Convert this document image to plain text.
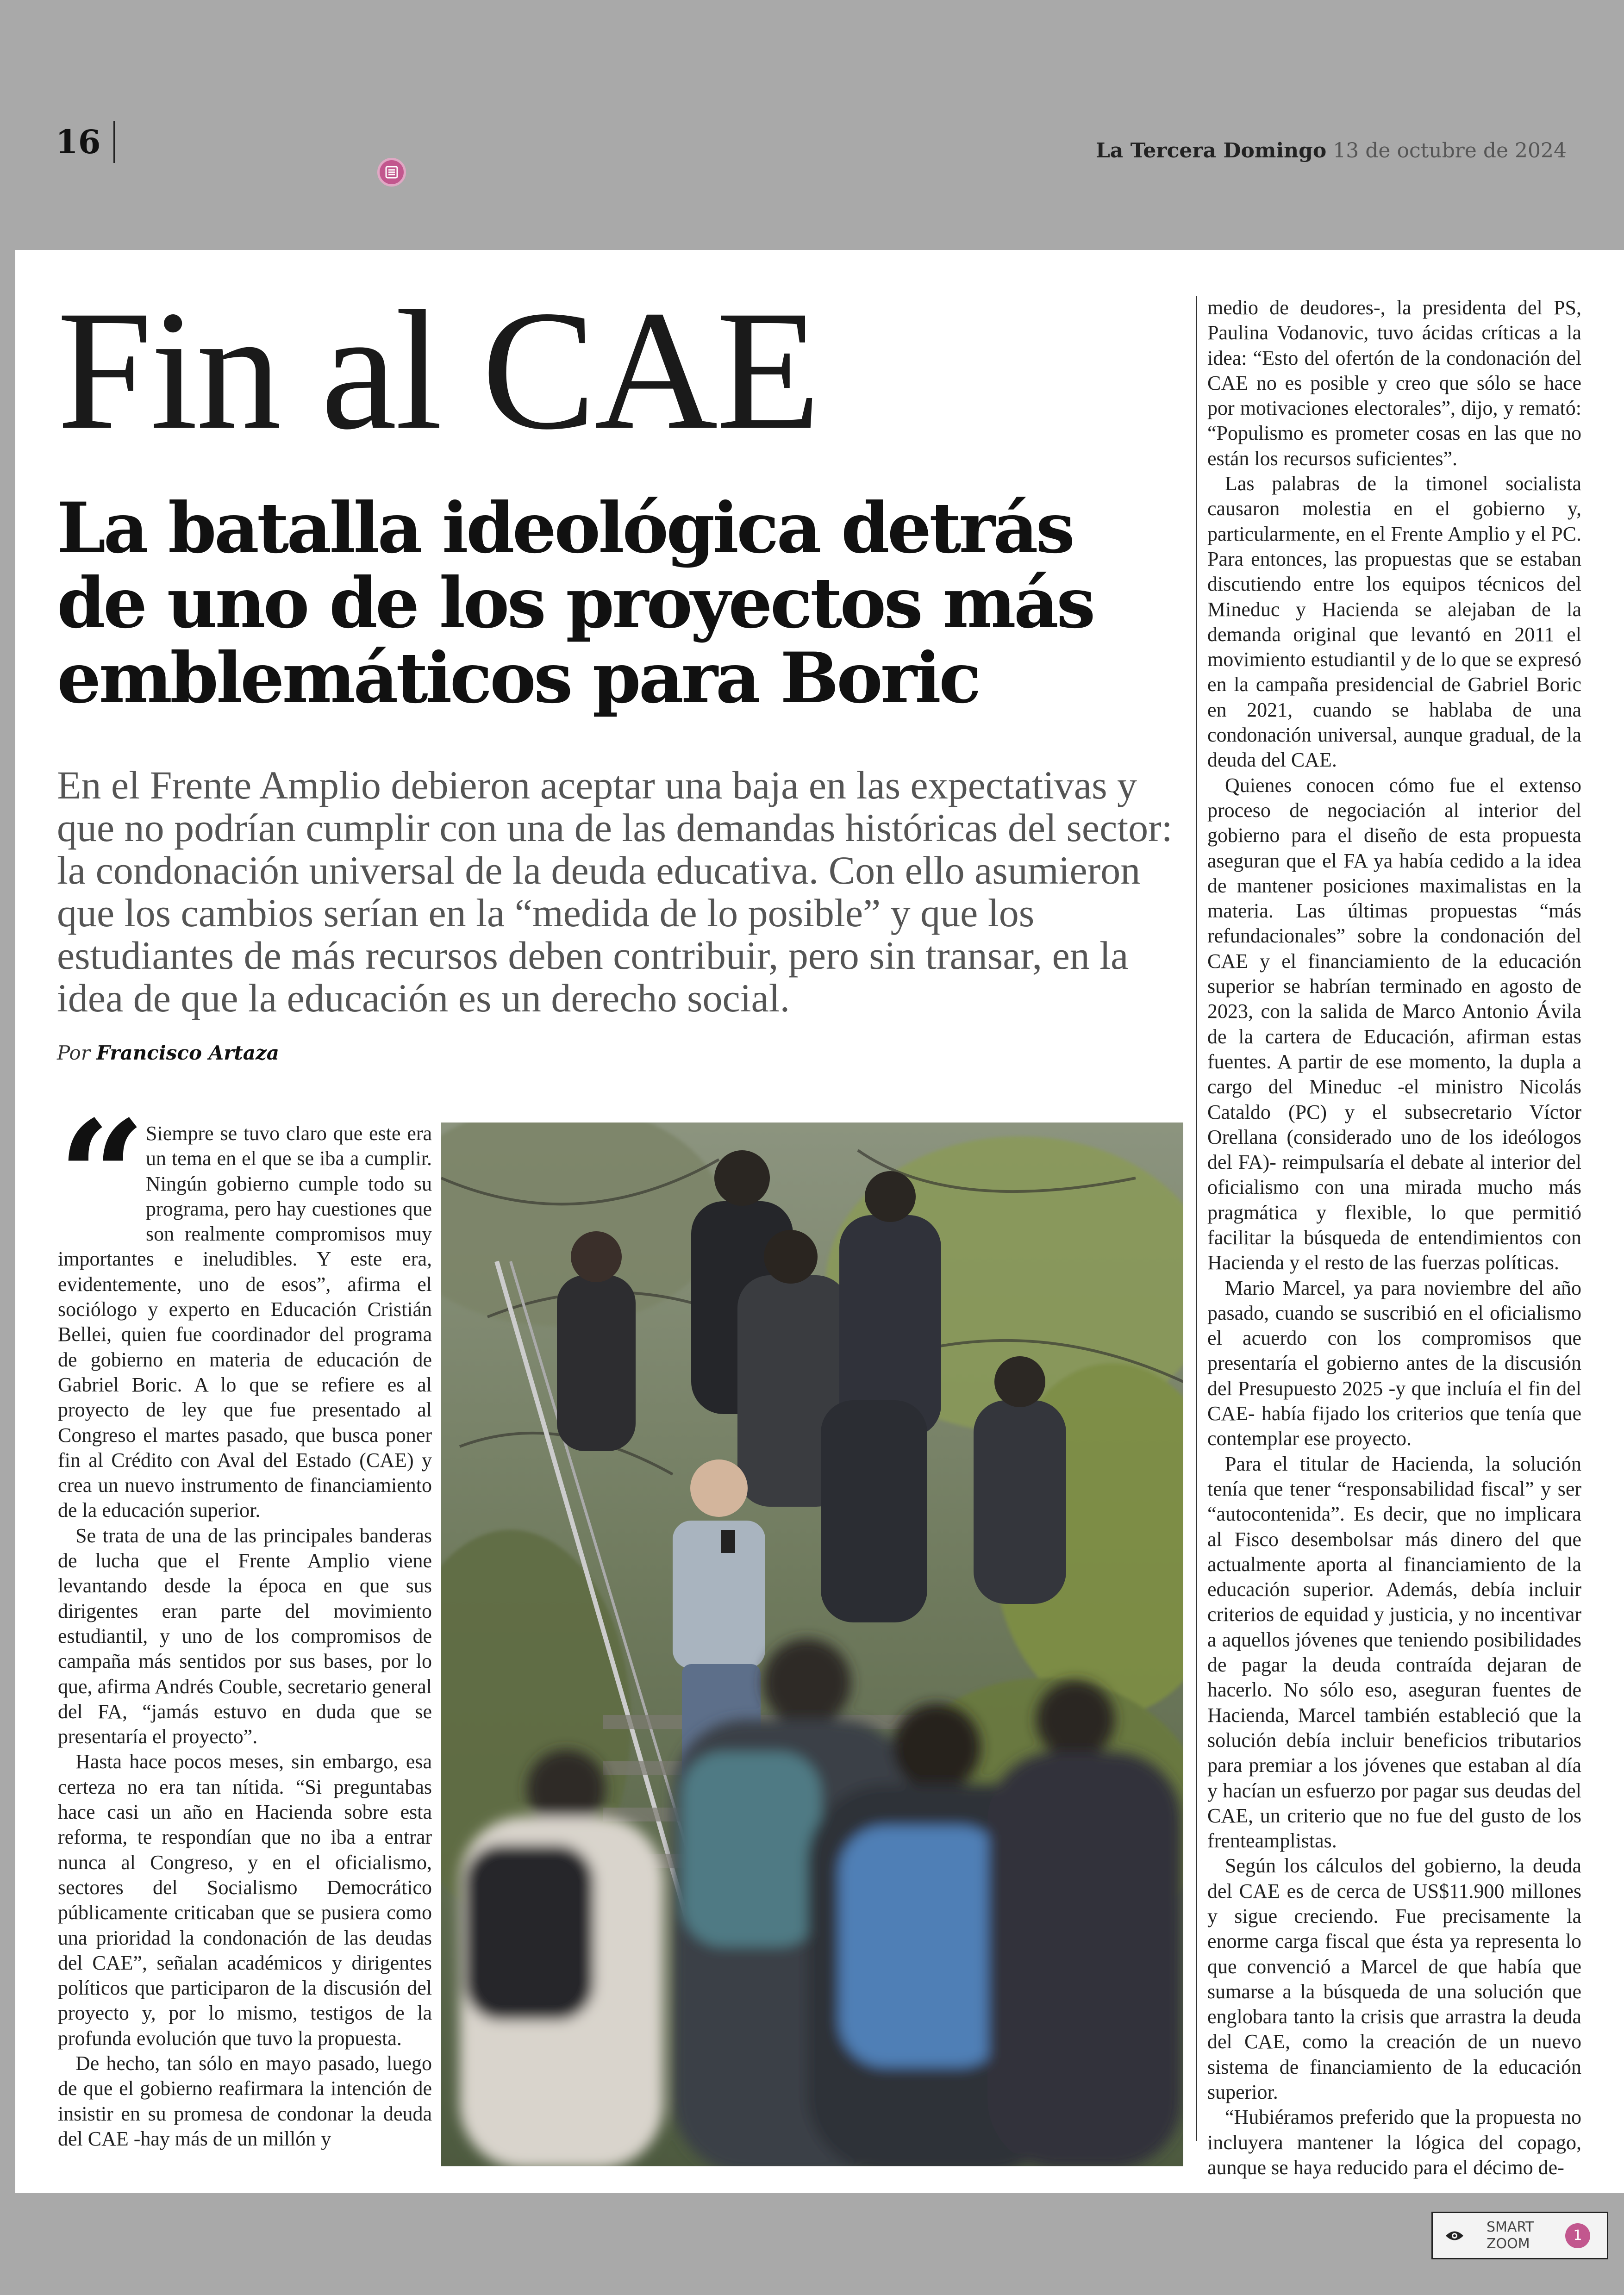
16	La Tercera Domingo 13 de octubre de 2024
Fin al CAE
La batalla ideológica detrás de uno de los proyectos más emblemáticos para Boric

En el Frente Amplio debieron aceptar una baja en las expectativas y que no podrían cumplir con una de las demandas históricas del sector: la condonación universal de la deuda educativa. Con ello asumieron que los cambios serían en la “medida de lo posible” y que los estudiantes de más recursos deben contribuir, pero sin transar, en la idea de que la educación es un derecho social.

Por Francisco Artaza
“ Siempre se tuvo claro que este era un tema en el que se iba a cumplir. Ningún gobierno cumple todo su programa, pero hay cuestiones que son realmente compromisos muy importantes e ineludibles. Y este era, evidentemente, uno de esos”, afirma el sociólogo y experto en Educación Cristián Bellei, quien fue coordinador del programa de gobierno en materia de educación de Gabriel Boric. A lo que se refiere es al proyecto de ley que fue presentado al Congreso el martes pasado, que busca poner fin al Crédito con Aval del Estado (CAE) y crea un nuevo instrumento de financiamiento de la educación superior.

Se trata de una de las principales banderas de lucha que el Frente Amplio viene levantando desde la época en que sus dirigentes eran parte del movimiento estudiantil, y uno de los compromisos de campaña más sentidos por sus bases, por lo que, afirma Andrés Couble, secretario general del FA, “jamás estuvo en duda que se presentaría el proyecto”.

Hasta hace pocos meses, sin embargo, esa certeza no era tan nítida. “Si preguntabas hace casi un año en Hacienda sobre esta reforma, te respondían que no iba a entrar nunca al Congreso, y en el oficialismo, sectores del Socialismo Democrático públicamente criticaban que se pusiera como una prioridad la condonación de las deudas del CAE”, señalan académicos y dirigentes políticos que participaron de la discusión del proyecto y, por lo mismo, testigos de la profunda evolución que tuvo la propuesta.

De hecho, tan sólo en mayo pasado, luego de que el gobierno reafirmara la intención de insistir en su promesa de condonar la deuda del CAE -hay más de un millón y

medio de deudores-, la presidenta del PS, Paulina Vodanovic, tuvo ácidas críticas a la idea: “Esto del ofertón de la condonación del CAE no es posible y creo que sólo se hace por motivaciones electorales”, dijo, y remató: “Populismo es prometer cosas en las que no están los recursos suficientes”.

Las palabras de la timonel socialista causaron molestia en el gobierno y, particularmente, en el Frente Amplio y el PC. Para entonces, las propuestas que se estaban discutiendo entre los equipos técnicos del Mineduc y Hacienda se alejaban de la demanda original que levantó en 2011 el movimiento estudiantil y de lo que se expresó en la campaña presidencial de Gabriel Boric en 2021, cuando se hablaba de una condonación universal, aunque gradual, de la deuda del CAE.

Quienes conocen cómo fue el extenso proceso de negociación al interior del gobierno para el diseño de esta propuesta aseguran que el FA ya había cedido a la idea de mantener posiciones maximalistas en la materia. Las últimas propuestas “más refundacionales” sobre la condonación del CAE y el financiamiento de la educación superior se habrían terminado en agosto de 2023, con la salida de Marco Antonio Ávila de la cartera de Educación, afirman estas fuentes. A partir de ese momento, la dupla a cargo del Mineduc -el ministro Nicolás Cataldo (PC) y el subsecretario Víctor Orellana (considerado uno de los ideólogos del FA)- reimpulsaría el debate al interior del oficialismo con una mirada mucho más pragmática y flexible, lo que permitió facilitar la búsqueda de entendimientos con Hacienda y el resto de las fuerzas políticas.

Mario Marcel, ya para noviembre del año pasado, cuando se suscribió en el oficialismo el acuerdo con los compromisos que presentaría el gobierno antes de la discusión del Presupuesto 2025 -y que incluía el fin del CAE- había fijado los criterios que tenía que contemplar ese proyecto.

Para el titular de Hacienda, la solución tenía que tener “responsabilidad fiscal” y ser “autocontenida”. Es decir, que no implicara al Fisco desembolsar más dinero del que actualmente aporta al financiamiento de la educación superior. Además, debía incluir criterios de equidad y justicia, y no incentivar a aquellos jóvenes que teniendo posibilidades de pagar la deuda contraída dejaran de hacerlo. No sólo eso, aseguran fuentes de Hacienda, Marcel también estableció que la solución debía incluir beneficios tributarios para premiar a los jóvenes que estaban al día y hacían un esfuerzo por pagar sus deudas del CAE, un criterio que no fue del gusto de los frenteamplistas.

Según los cálculos del gobierno, la deuda del CAE es de cerca de US$11.900 millones y sigue creciendo. Fue precisamente la enorme carga fiscal que ésta ya representa lo que convenció a Marcel de que había que sumarse a la búsqueda de una solución que englobara tanto la crisis que arrastra la deuda del CAE, como la creación de un nuevo sistema de financiamiento de la educación superior.

“Hubiéramos preferido que la propuesta no incluyera mantener la lógica del copago, aunque se haya reducido para el décimo de-

SMART
ZOOM	1
